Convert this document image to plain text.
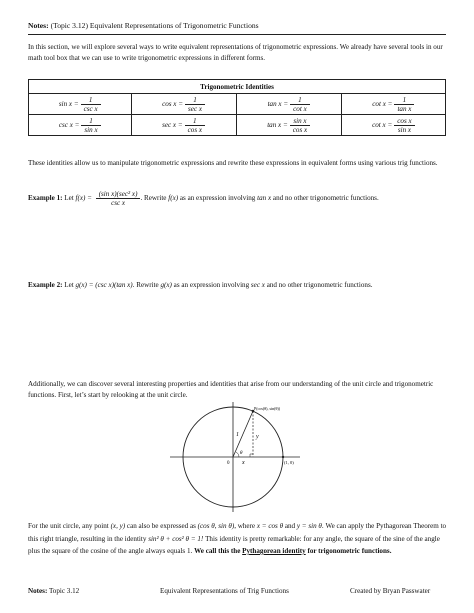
Notes: (Topic 3.12) Equivalent Representations of Trigonometric Functions
In this section, we will explore several ways to write equivalent representations of trigonometric expressions. We already have several tools in our math tool box that we can use to write trigonometric expressions in different forms.
Trigonometric Identities			
$\sin x = \frac{1}{\text{csc x}}$	$\cos x = \frac{1}{\text{sec x}}$	$\tan x = \frac{1}{\text{cot x}}$	$\cot x = \frac{1}{\text{tan x}}$

$\csc x = \frac{1}{\text{sin x}}$	$\sec x = \frac{1}{\text{cos x}}$	$\tan x = \frac{\text{sin x}}{\text{cos x}}$	$\cot x = \frac{\text{cos x}}{\text{sin x}}$
These identities allow us to manipulate trigonometric expressions and rewrite these expressions in equivalent forms using various trig functions.
Example 1: Let $f(x) = \frac{\text{(sin x)(sec² x)}}{\text{csc x}}$ . Rewrite f(x) as an expression involving tan x and no other trigonometric functions.
Example 2: Let g(x) = (csc x)(tan x). Rewrite g(x) as an expression involving sec x and no other trigonometric functions.
Additionally, we can discover several interesting properties and identities that arise from our understanding of the unit circle and trigonometric functions. First, let’s start by relooking at the unit circle.
P(cos(θ), sin(θ))
1	y
x
θ
0	(1, 0)
For the unit circle, any point (x, y) can also be expressed as (cos θ, sin θ), where x = cos θ and y = sin θ. We can apply the Pythagorean Theorem to this right triangle, resulting in the identity sin² θ + cos² θ = 1! This identity is pretty remarkable: for any angle, the square of the sine of the angle plus the square of the cosine of the angle always equals 1. We call this the Pythagorean identity for trigonometric functions.
Notes: Topic 3.12	Equivalent Representations of Trig Functions	Created by Bryan Passwater
